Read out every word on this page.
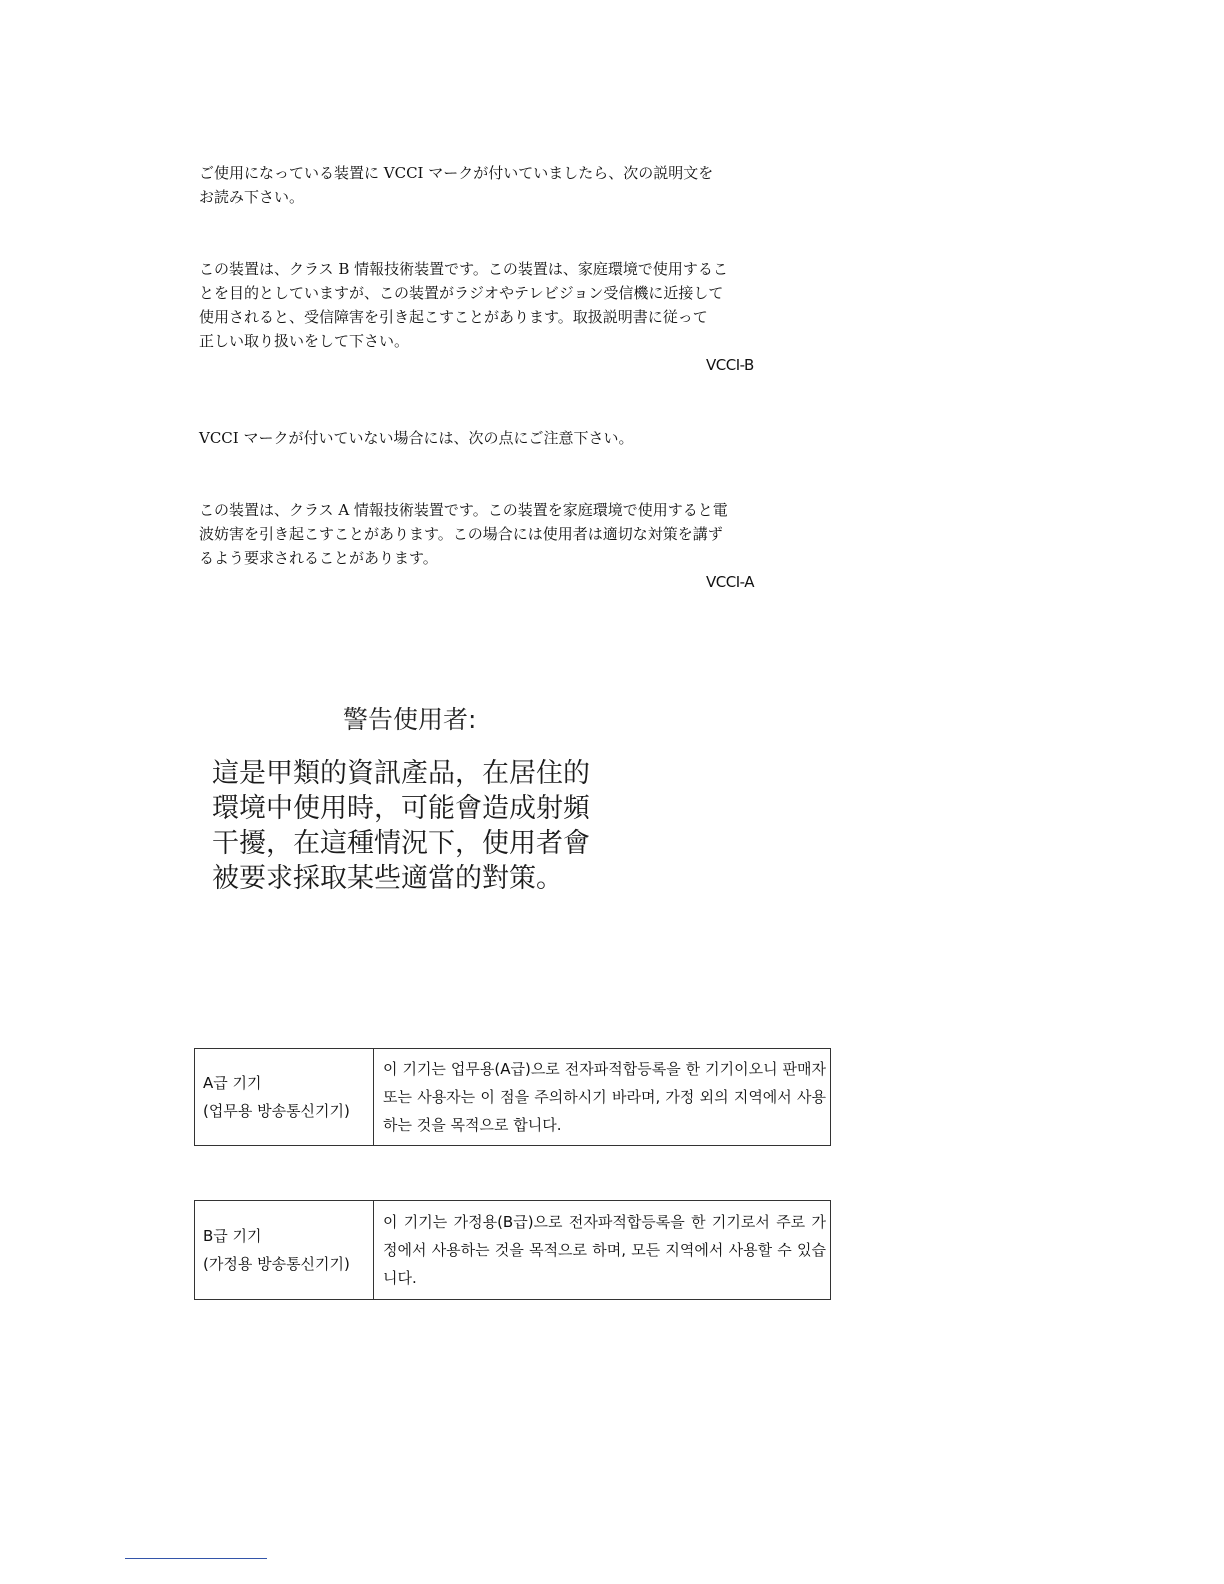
ご使用になっている装置に VCCI マークが付いていましたら、次の説明文を
お読み下さい。

この装置は、クラス B 情報技術装置です。この装置は、家庭環境で使用するこ
とを目的としていますが、この装置がラジオやテレビジョン受信機に近接して
使用されると、受信障害を引き起こすことがあります。取扱説明書に従って
正しい取り扱いをして下さい。

VCCI-B

VCCI マークが付いていない場合には、次の点にご注意下さい。

この装置は、クラス A 情報技術装置です。この装置を家庭環境で使用すると電
波妨害を引き起こすことがあります。この場合には使用者は適切な対策を講ず
るよう要求されることがあります。

VCCI-A

警告使用者:

這是甲類的資訊產品，在居住的
環境中使用時，可能會造成射頻
干擾，在這種情況下，使用者會
被要求採取某些適當的對策。

A급 기기
(업무용 방송통신기기)	이 기기는 업무용(A급)으로 전자파적합등록을 한 기기이오니 판매자 또는 사용자는 이 점을 주의하시기 바라며, 가정 외의 지역에서 사용하는 것을 목적으로 합니다.
B급 기기
(가정용 방송통신기기)	이 기기는 가정용(B급)으로 전자파적합등록을 한 기기로서 주로 가정에서 사용하는 것을 목적으로 하며, 모든 지역에서 사용할 수 있습니다.
